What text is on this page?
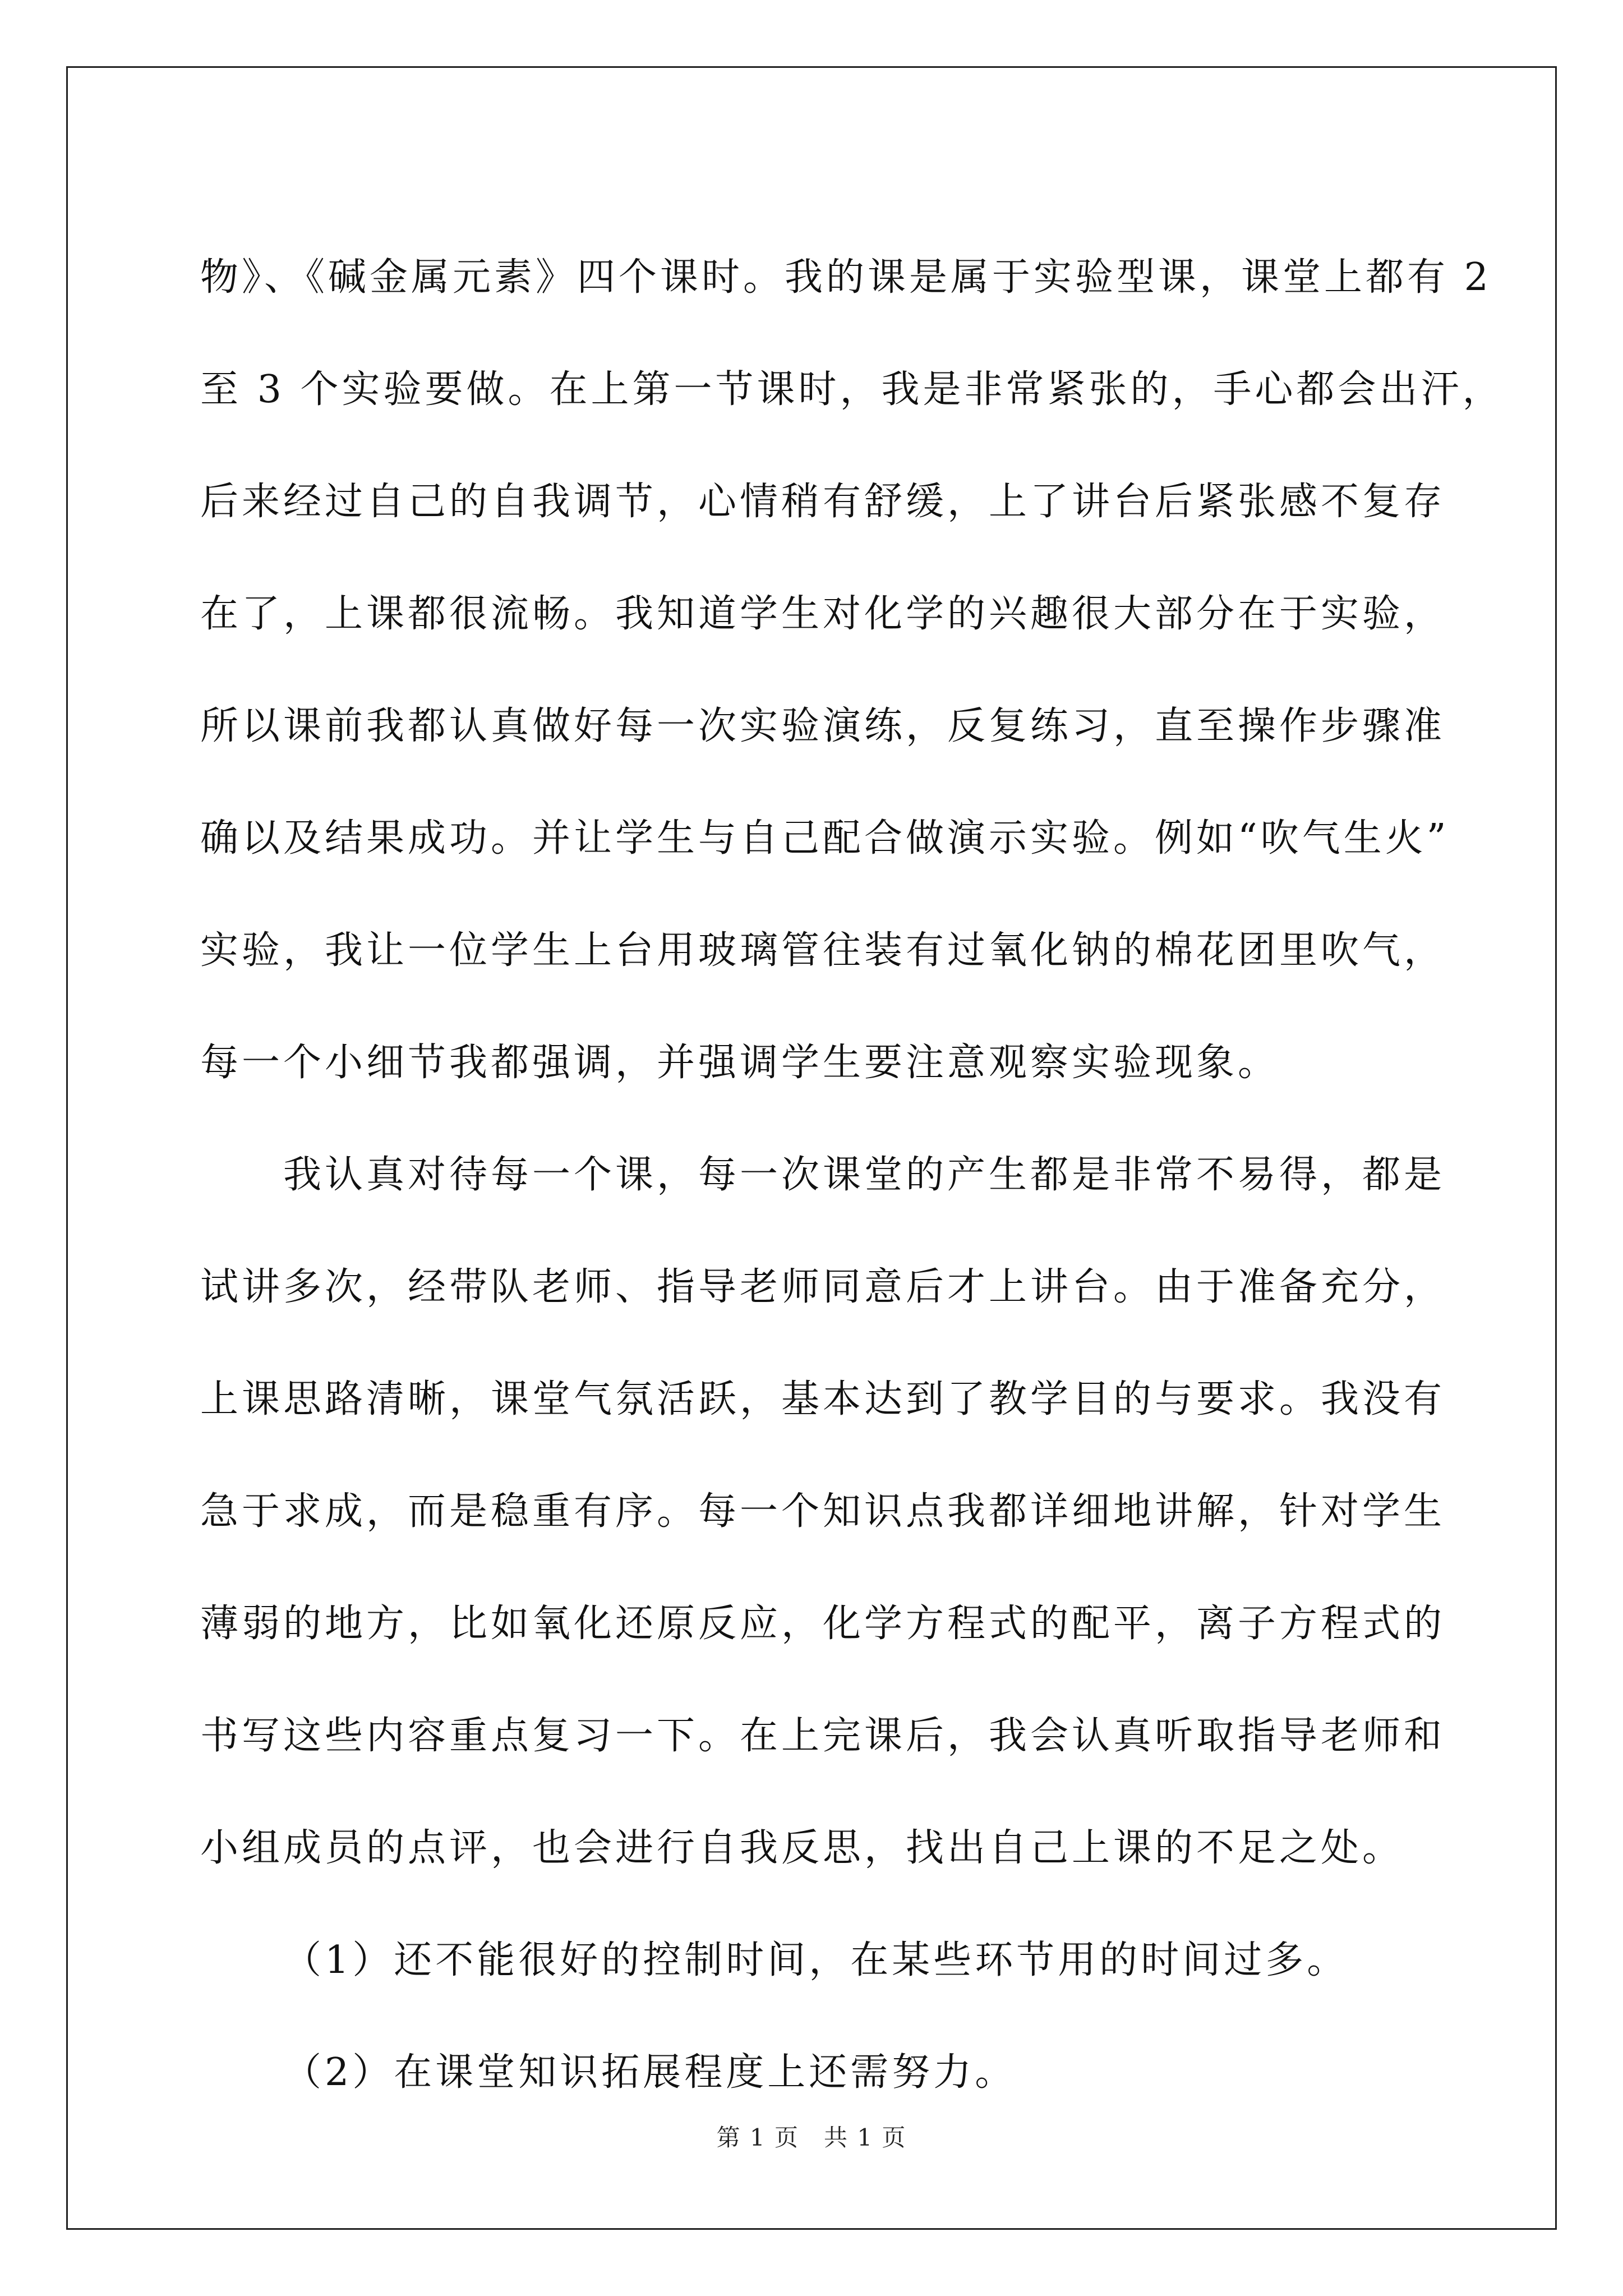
物》、《碱金属元素》四个课时。我的课是属于实验型课，课堂上都有 2
至 3 个实验要做。在上第一节课时，我是非常紧张的，手心都会出汗，
后来经过自己的自我调节，心情稍有舒缓，上了讲台后紧张感不复存
在了，上课都很流畅。我知道学生对化学的兴趣很大部分在于实验，
所以课前我都认真做好每一次实验演练，反复练习，直至操作步骤准
确以及结果成功。并让学生与自己配合做演示实验。例如“吹气生火”
实验，我让一位学生上台用玻璃管往装有过氧化钠的棉花团里吹气，
每一个小细节我都强调，并强调学生要注意观察实验现象。
我认真对待每一个课，每一次课堂的产生都是非常不易得，都是
试讲多次，经带队老师、指导老师同意后才上讲台。由于准备充分，
上课思路清晰，课堂气氛活跃，基本达到了教学目的与要求。我没有
急于求成，而是稳重有序。每一个知识点我都详细地讲解，针对学生
薄弱的地方，比如氧化还原反应，化学方程式的配平，离子方程式的
书写这些内容重点复习一下。在上完课后，我会认真听取指导老师和
小组成员的点评，也会进行自我反思，找出自己上课的不足之处。
（1）还不能很好的控制时间，在某些环节用的时间过多。
（2）在课堂知识拓展程度上还需努力。
第 1 页　共 1 页
